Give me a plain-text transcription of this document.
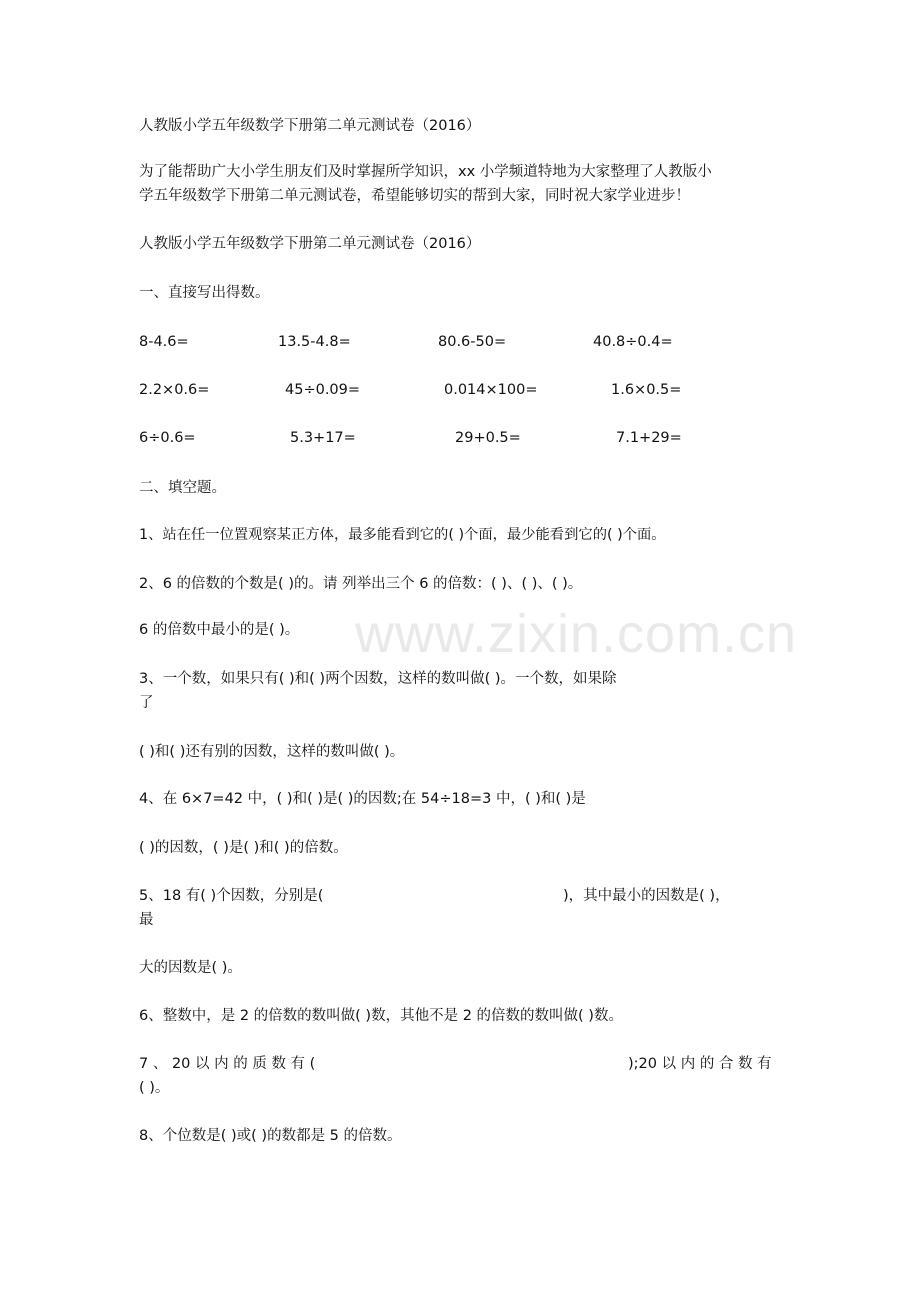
www.zixin.com.cn
人教版小学五年级数学下册第二单元测试卷（2016）
为了能帮助广大小学生朋友们及时掌握所学知识，xx 小学频道特地为大家整理了人教版小
学五年级数学下册第二单元测试卷，希望能够切实的帮到大家，同时祝大家学业进步！
人教版小学五年级数学下册第二单元测试卷（2016）
一、直接写出得数。
8-4.6=	13.5-4.8=	80.6-50=	40.8÷0.4=
2.2×0.6=	45÷0.09=	0.014×100=	1.6×0.5=
6÷0.6=	5.3+17=	29+0.5=	7.1+29=
二、填空题。
1、站在任一位置观察某正方体，最多能看到它的( )个面，最少能看到它的( )个面。
2、6 的倍数的个数是( )的。请 列举出三个 6 的倍数：( )、( )、( )。
6 的倍数中最小的是( )。
3、一个数，如果只有( )和( )两个因数，这样的数叫做( )。一个数，如果除
了
( )和( )还有别的因数，这样的数叫做( )。
4、在 6×7=42 中，( )和( )是( )的因数;在 54÷18=3 中，( )和( )是
( )的因数，( )是( )和( )的倍数。
5、18 有( )个因数，分别是(	)，其中最小的因数是( )，
最
大的因数是( )。
6、整数中，是 2 的倍数的数叫做( )数，其他不是 2 的倍数的数叫做( )数。
7 、 20 以 内 的 质 数 有 (	);20 以 内 的 合 数 有
( )。
8、个位数是( )或( )的数都是 5 的倍数。
